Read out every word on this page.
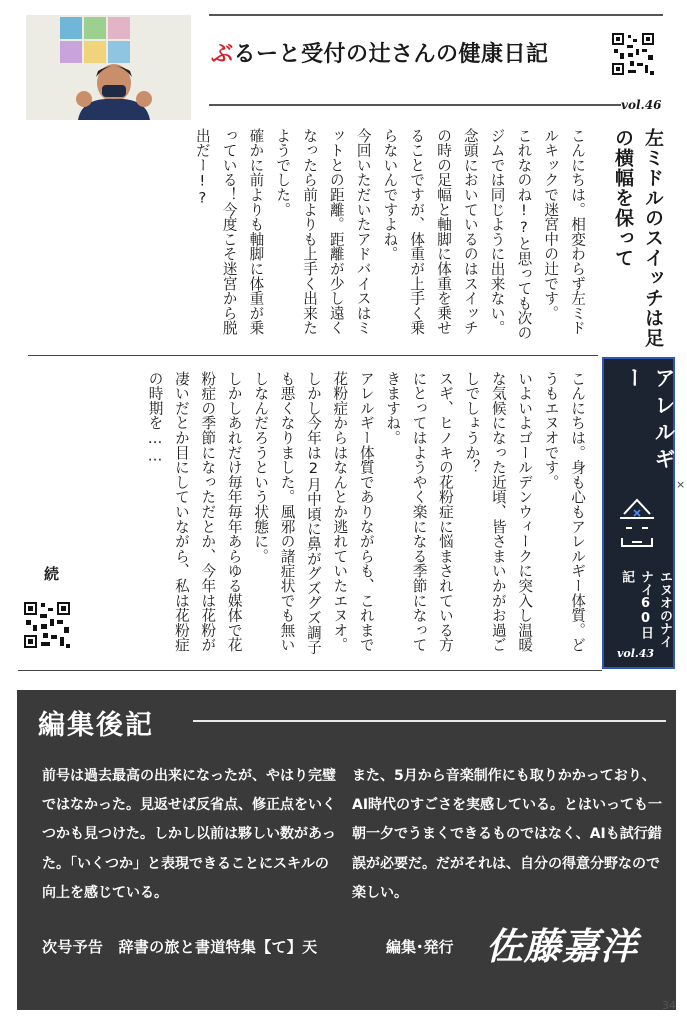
ぶるーと受付の辻さんの健康日記
vol.46
左ミドルのスイッチは足の横幅を保って
こんにちは。相変わらず左ミドルキックで迷宮中の辻です。
これなのね!?と思っても次のジムでは同じように出来ない。
念頭においているのはスイッチの時の足幅と軸脚に体重を乗せることですが、体重が上手く乗らないんですよね。
今回いただいたアドバイスはミットとの距離。距離が少し遠くなったら前よりも上手く出来たようでした。
確かに前よりも軸脚に体重が乗っている！今度こそ迷宮から脱出だー!?
アレルギー
エヌオのナイナイ60日記
vol.43
×
こんにちは。身も心もアレルギー体質。どうもエヌオです。
いよいよゴールデンウィークに突入し温暖な気候になった近頃、皆さまいかがお過ごしでしょうか？
スギ、ヒノキの花粉症に悩まされている方にとってはようやく楽になる季節になってきますね。
アレルギー体質でありながらも、これまで花粉症からはなんとか逃れていたエヌオ。しかし今年は2月中頃に鼻がグズグズ調子も悪くなりました。風邪の諸症状でも無いしなんだろうという状態に。
しかしあれだけ毎年毎年あらゆる媒体で花粉症の季節になっただとか、今年は花粉が凄いだとか目にしていながら、私は花粉症の時期を……
続
編集後記
前号は過去最高の出来になったが、やはり完璧ではなかった。見返せば反省点、修正点をいくつかも見つけた。しかし以前は夥しい数があった。「いくつか」と表現できることにスキルの向上を感じている。
また、5月から音楽制作にも取りかかっており、AI時代のすごさを実感している。とはいっても一朝一夕でうまくできるものではなく、AIも試行錯誤が必要だ。だがそれは、自分の得意分野なので楽しい。
次号予告　辞書の旅と書道特集【て】天	編集･発行 佐藤嘉洋
34
